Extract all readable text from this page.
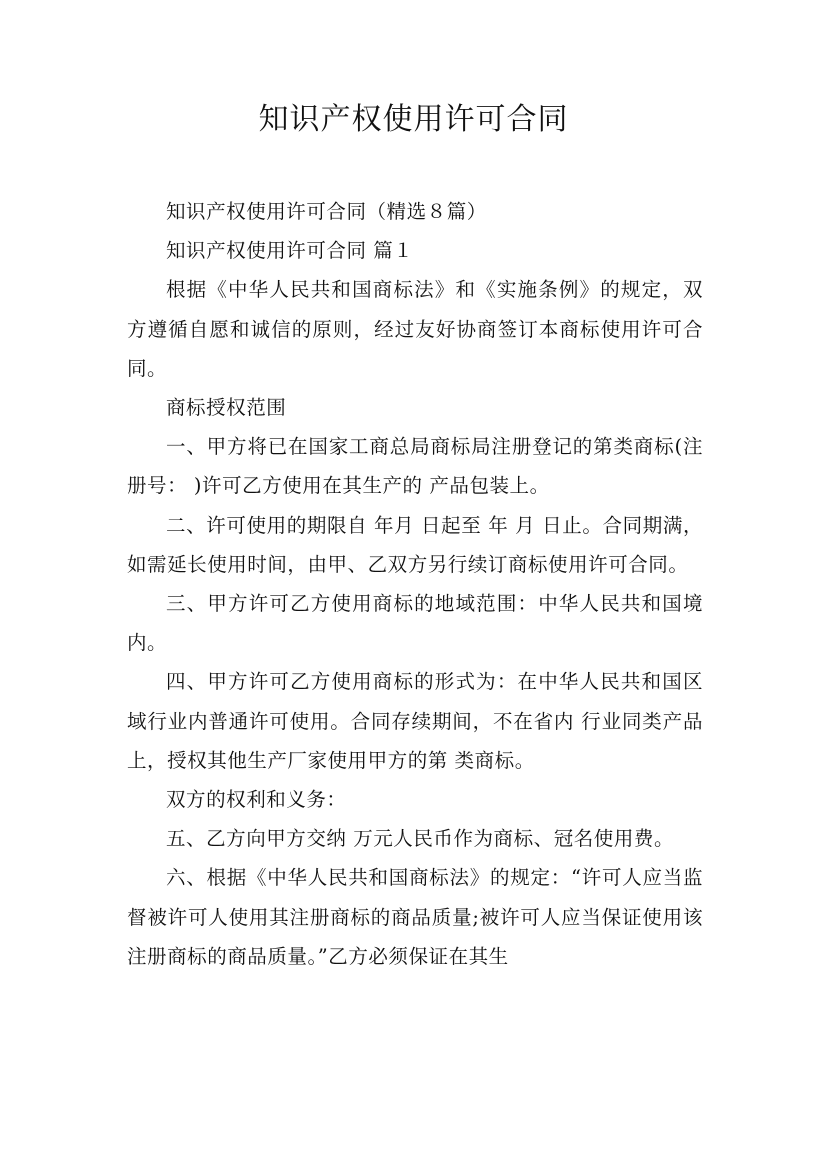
知识产权使用许可合同

知识产权使用许可合同（精选８篇）

知识产权使用许可合同 篇１

根据《中华人民共和国商标法》和《实施条例》的规定，双方遵循自愿和诚信的原则，经过友好协商签订本商标使用许可合同。

商标授权范围

一、甲方将已在国家工商总局商标局注册登记的第类商标(注册号： )许可乙方使用在其生产的 产品包装上。

二、许可使用的期限自 年月 日起至 年 月 日止。合同期满，如需延长使用时间，由甲、乙双方另行续订商标使用许可合同。

三、甲方许可乙方使用商标的地域范围：中华人民共和国境内。

四、甲方许可乙方使用商标的形式为：在中华人民共和国区域行业内普通许可使用。合同存续期间，不在省内 行业同类产品上，授权其他生产厂家使用甲方的第 类商标。

双方的权利和义务：

五、乙方向甲方交纳 万元人民币作为商标、冠名使用费。

六、根据《中华人民共和国商标法》的规定：“许可人应当监督被许可人使用其注册商标的商品质量;被许可人应当保证使用该注册商标的商品质量。”乙方必须保证在其生
